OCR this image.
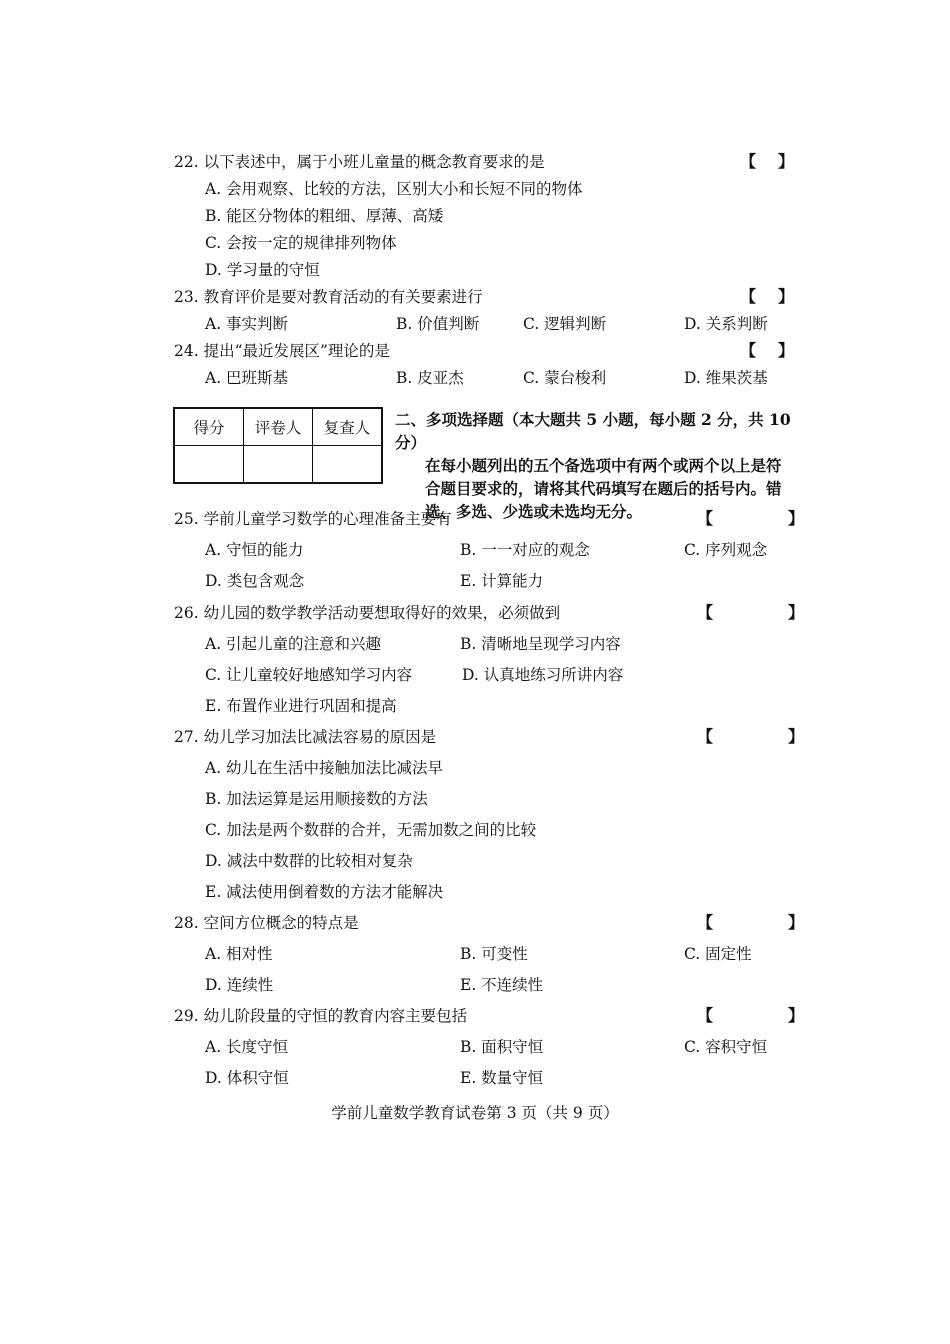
22. 以下表述中，属于小班儿童量的概念教育要求的是	【 】
A. 会用观察、比较的方法，区别大小和长短不同的物体
B. 能区分物体的粗细、厚薄、高矮
C. 会按一定的规律排列物体
D. 学习量的守恒
23. 教育评价是要对教育活动的有关要素进行	【 】
A. 事实判断	B. 价值判断	C. 逻辑判断	D. 关系判断
24. 提出“最近发展区”理论的是	【 】
A. 巴班斯基	B. 皮亚杰	C. 蒙台梭利	D. 维果茨基
得分	评卷人	复查人
		二、多项选择题（本大题共 5 小题，每小题 2 分，共 10 分）
在每小题列出的五个备选项中有两个或两个以上是符
合题目要求的，请将其代码填写在题后的括号内。错
选、多选、少选或未选均无分。
25. 学前儿童学习数学的心理准备主要有	【	】
A. 守恒的能力	B. 一一对应的观念	C. 序列观念
D. 类包含观念	E. 计算能力
26. 幼儿园的数学教学活动要想取得好的效果，必须做到	【	】
A. 引起儿童的注意和兴趣	B. 清晰地呈现学习内容
C. 让儿童较好地感知学习内容	D. 认真地练习所讲内容
E. 布置作业进行巩固和提高
27. 幼儿学习加法比减法容易的原因是	【	】
A. 幼儿在生活中接触加法比减法早
B. 加法运算是运用顺接数的方法
C. 加法是两个数群的合并，无需加数之间的比较
D. 减法中数群的比较相对复杂
E. 减法使用倒着数的方法才能解决
28. 空间方位概念的特点是	【	】
A. 相对性	B. 可变性	C. 固定性
D. 连续性	E. 不连续性
29. 幼儿阶段量的守恒的教育内容主要包括	【	】
A. 长度守恒	B. 面积守恒	C. 容积守恒
D. 体积守恒	E. 数量守恒
学前儿童数学教育试卷第 3 页（共 9 页）
